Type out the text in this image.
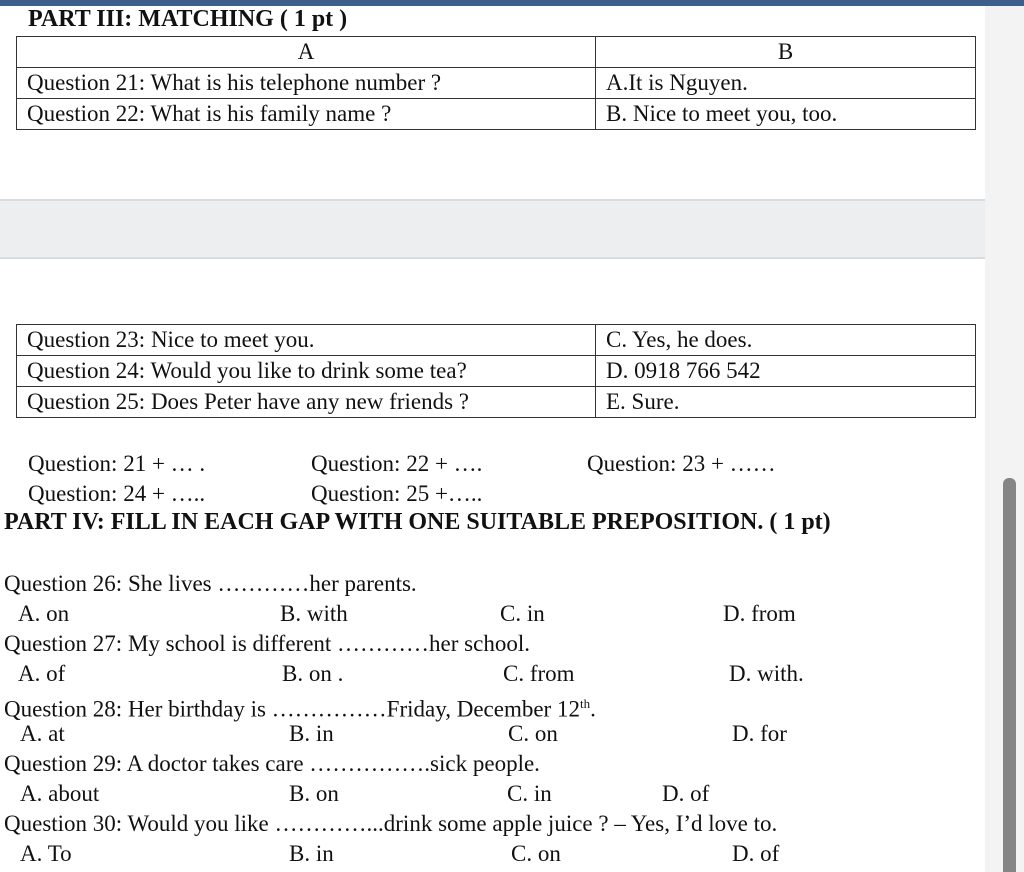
PART III: MATCHING ( 1 pt )
A	B
Question 21: What is his telephone number ?	A.It is Nguyen.
Question 22: What is his family name ?	B. Nice to meet you, too.
Question 23: Nice to meet you.	C. Yes, he does.
Question 24: Would you like to drink some tea?	D. 0918 766 542
Question 25: Does Peter have any new friends ?	E. Sure.
Question: 21 + … .	Question: 22 + ….	Question: 23 + ……
Question: 24 + …..	Question: 25 +…..
PART IV: FILL IN EACH GAP WITH ONE SUITABLE PREPOSITION. ( 1 pt)
Question 26: She lives …………her parents.
A. on	B. with	C. in	D. from
Question 27: My school is different …………her school.
A. of	B. on .	C. from	D. with.
Question 28: Her birthday is ……………Friday, December 12th.
A. at	B. in	C. on	D. for
Question 29: A doctor takes care …………….sick people.
A. about	B. on	C. in	D. of
Question 30: Would you like …………...drink some apple juice ? – Yes, I’d love to.
A. To	B. in	C. on	D. of
